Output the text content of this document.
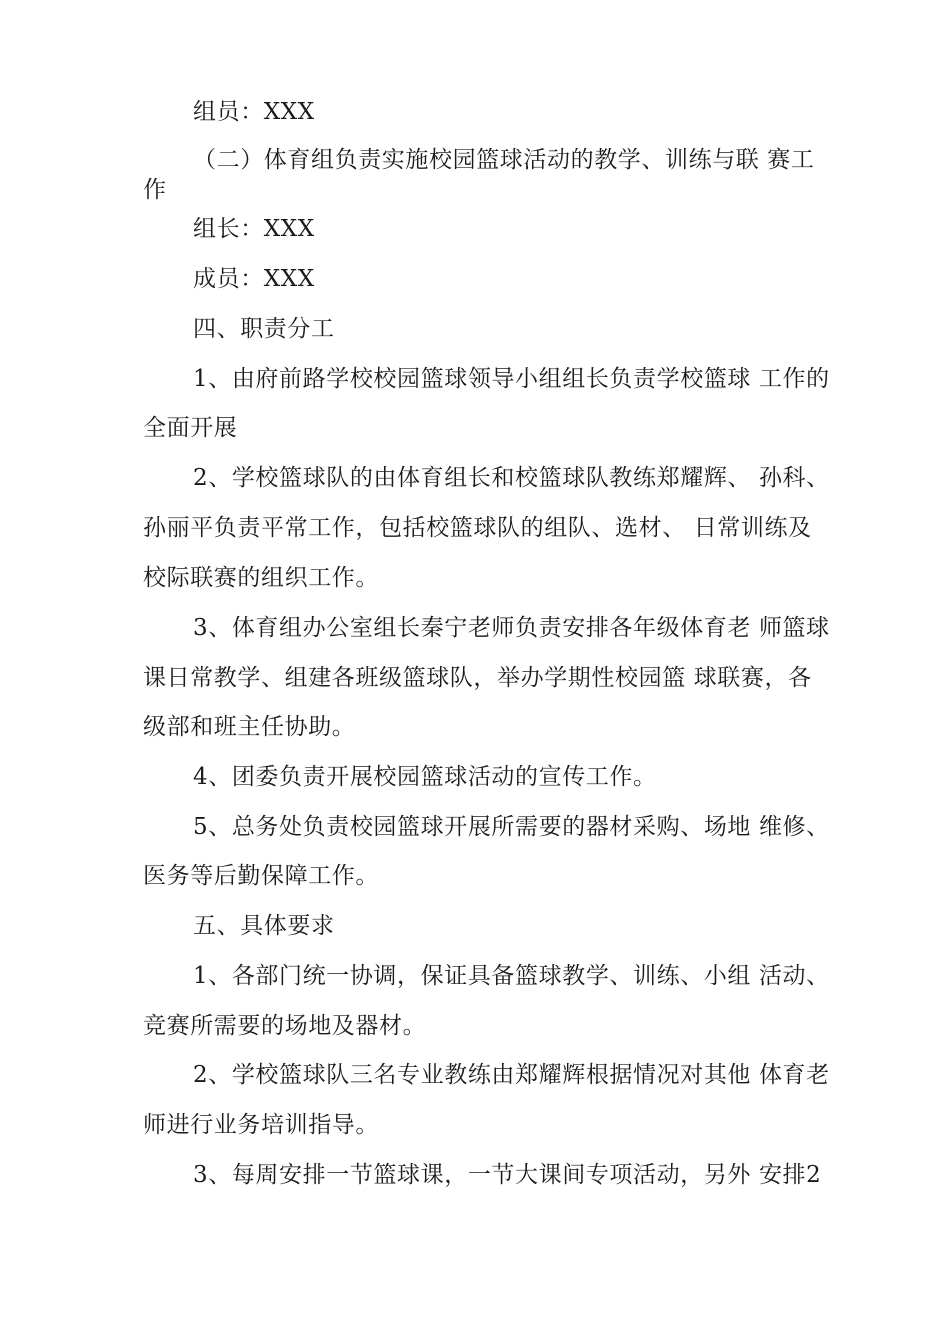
组员：XXX
（二）体育组负责实施校园篮球活动的教学、训练与联 赛工
作
组长：XXX
成员：XXX
四、职责分工
1、由府前路学校校园篮球领导小组组长负责学校篮球 工作的
全面开展
2、学校篮球队的由体育组长和校篮球队教练郑耀辉、 孙科、
孙丽平负责平常工作，包括校篮球队的组队、选材、 日常训练及
校际联赛的组织工作。
3、体育组办公室组长秦宁老师负责安排各年级体育老 师篮球
课日常教学、组建各班级篮球队，举办学期性校园篮 球联赛，各
级部和班主任协助。
4、团委负责开展校园篮球活动的宣传工作。
5、总务处负责校园篮球开展所需要的器材采购、场地 维修、
医务等后勤保障工作。
五、具体要求
1、各部门统一协调，保证具备篮球教学、训练、小组 活动、
竞赛所需要的场地及器材。
2、学校篮球队三名专业教练由郑耀辉根据情况对其他 体育老
师进行业务培训指导。
3、每周安排一节篮球课，一节大课间专项活动，另外 安排2
